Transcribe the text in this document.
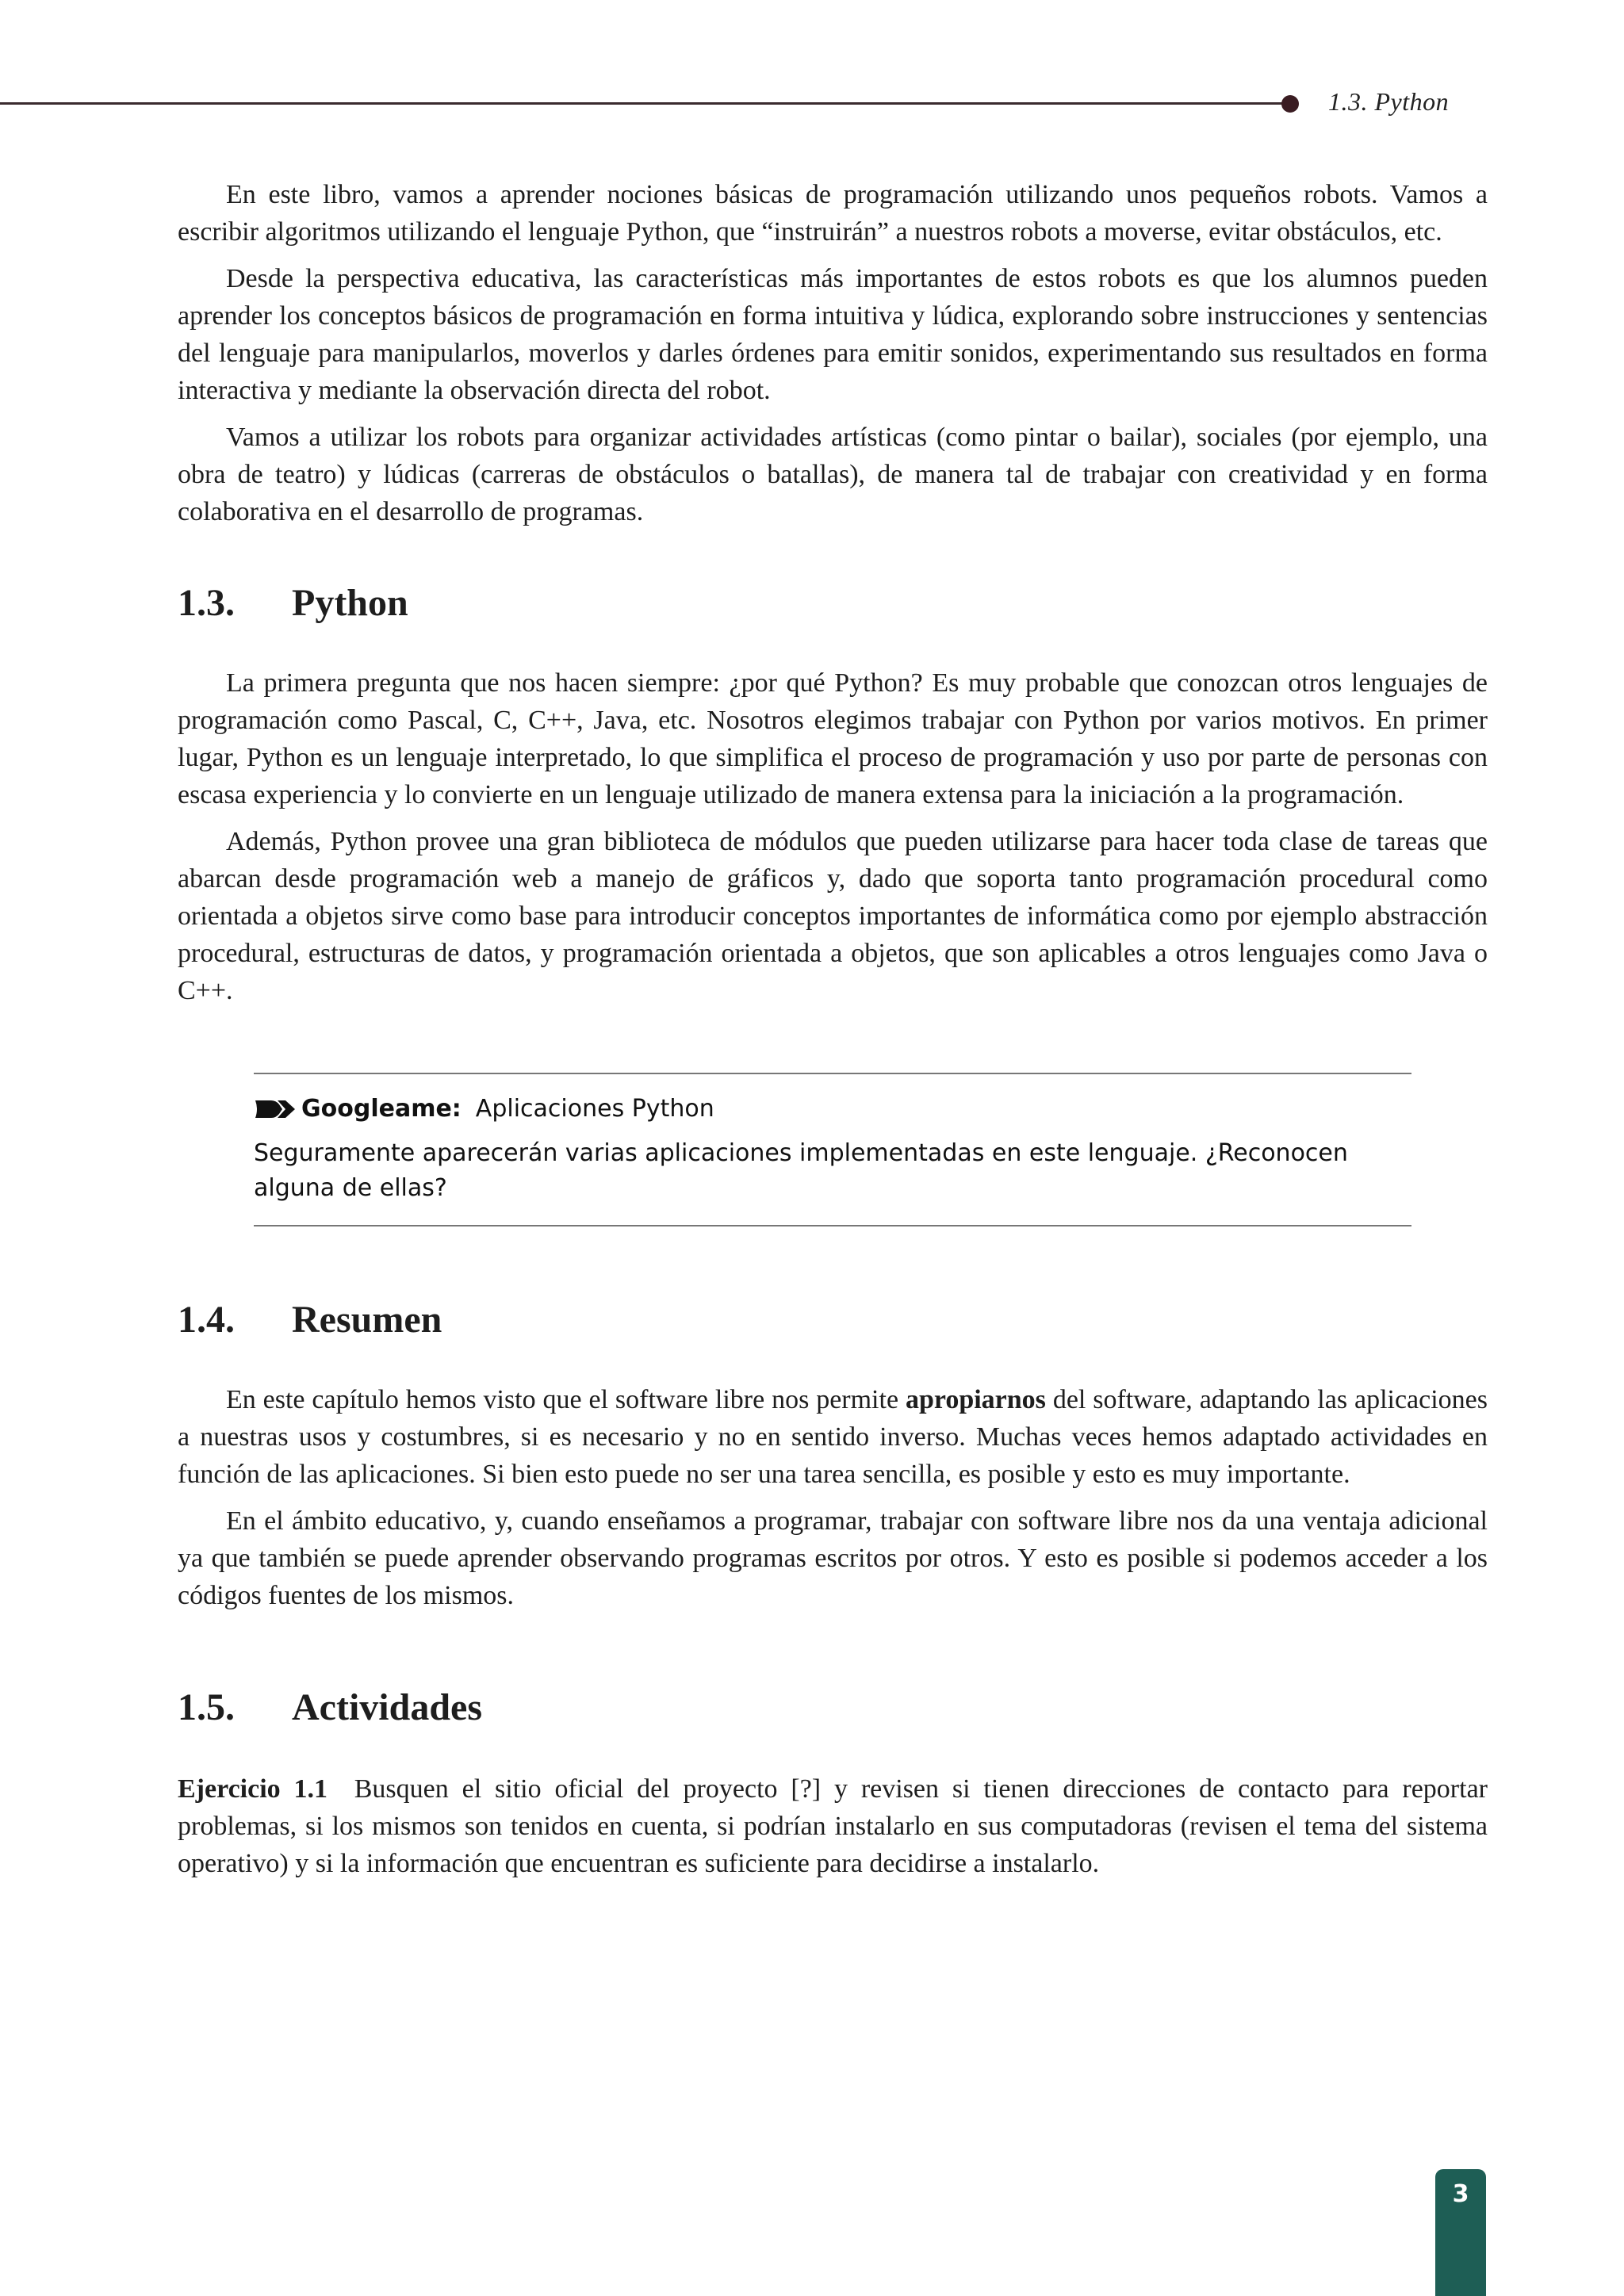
1.3. Python

En este libro, vamos a aprender nociones básicas de programación utilizando unos pequeños robots. Vamos a escribir algoritmos utilizando el lenguaje Python, que “instruirán” a nuestros robots a moverse, evitar obstáculos, etc.

Desde la perspectiva educativa, las características más importantes de estos robots es que los alumnos pueden aprender los conceptos básicos de programación en forma intuitiva y lúdica, explorando sobre instrucciones y sentencias del lenguaje para manipularlos, moverlos y darles órdenes para emitir sonidos, experimentando sus resultados en forma interactiva y mediante la observación directa del robot.

Vamos a utilizar los robots para organizar actividades artísticas (como pintar o bailar), sociales (por ejemplo, una obra de teatro) y lúdicas (carreras de obstáculos o batallas), de manera tal de trabajar con creatividad y en forma colaborativa en el desarrollo de programas.

1.3.	Python

La primera pregunta que nos hacen siempre: ¿por qué Python? Es muy probable que conozcan otros lenguajes de programación como Pascal, C, C++, Java, etc. Nosotros elegimos trabajar con Python por varios motivos. En primer lugar, Python es un lenguaje interpretado, lo que simplifica el proceso de programación y uso por parte de personas con escasa experiencia y lo convierte en un lenguaje utilizado de manera extensa para la iniciación a la programación.

Además, Python provee una gran biblioteca de módulos que pueden utilizarse para hacer toda clase de tareas que abarcan desde programación web a manejo de gráficos y, dado que soporta tanto programación procedural como orientada a objetos sirve como base para introducir conceptos importantes de informática como por ejemplo abstracción procedural, estructuras de datos, y programación orientada a objetos, que son aplicables a otros lenguajes como Java o C++.

Googleame: Aplicaciones Python
Seguramente aparecerán varias aplicaciones implementadas en este lenguaje. ¿Reconocen alguna de ellas?
1.4.	Resumen

En este capítulo hemos visto que el software libre nos permite apropiarnos del software, adaptando las aplicaciones a nuestras usos y costumbres, si es necesario y no en sentido inverso. Muchas veces hemos adaptado actividades en función de las aplicaciones. Si bien esto puede no ser una tarea sencilla, es posible y esto es muy importante.

En el ámbito educativo, y, cuando enseñamos a programar, trabajar con software libre nos da una ventaja adicional ya que también se puede aprender observando programas escritos por otros. Y esto es posible si podemos acceder a los códigos fuentes de los mismos.

1.5.	Actividades

Ejercicio 1.1 Busquen el sitio oficial del proyecto [?] y revisen si tienen direcciones de contacto para reportar problemas, si los mismos son tenidos en cuenta, si podrían instalarlo en sus computadoras (revisen el tema del sistema operativo) y si la información que encuentran es suficiente para decidirse a instalarlo.

3
